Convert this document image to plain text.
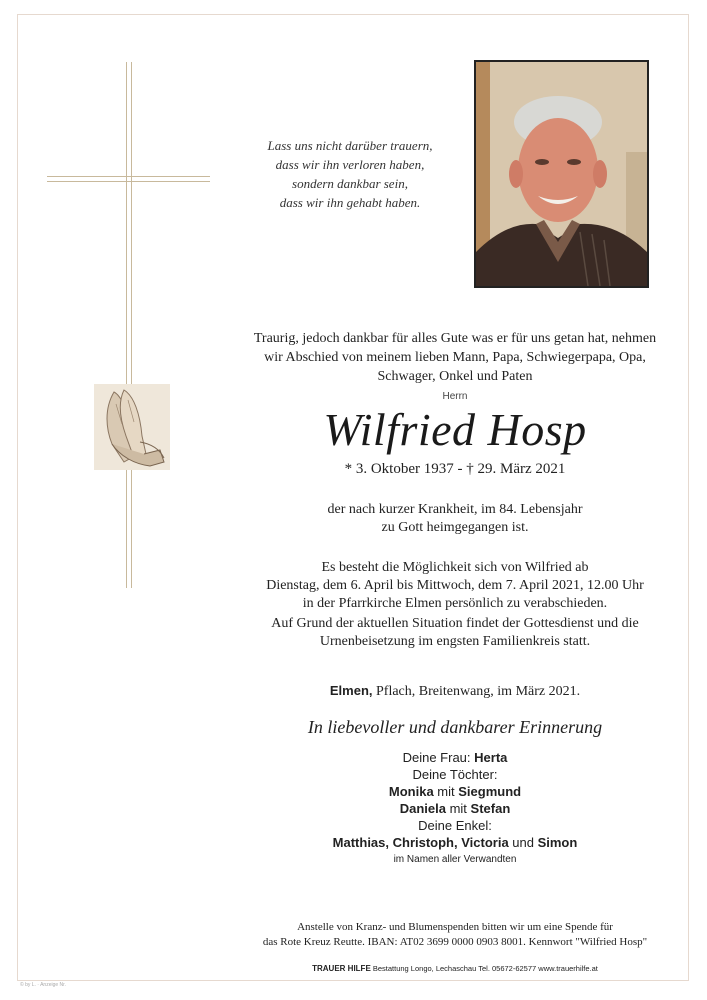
Lass uns nicht darüber trauern,
dass wir ihn verloren haben,
sondern dankbar sein,
dass wir ihn gehabt haben.
Traurig, jedoch dankbar für alles Gute was er für uns getan hat, nehmen
wir Abschied von meinem lieben Mann, Papa, Schwiegerpapa, Opa,
Schwager, Onkel und Paten
Herrn
Wilfried Hosp
* 3. Oktober 1937 - † 29. März 2021
der nach kurzer Krankheit, im 84. Lebensjahr
zu Gott heimgegangen ist.
Es besteht die Möglichkeit sich von Wilfried ab
Dienstag, dem 6. April bis Mittwoch, dem 7. April 2021, 12.00 Uhr
in der Pfarrkirche Elmen persönlich zu verabschieden.
Auf Grund der aktuellen Situation findet der Gottesdienst und die
Urnenbeisetzung im engsten Familienkreis statt.
Elmen, Pflach, Breitenwang, im März 2021.
In liebevoller und dankbarer Erinnerung
Deine Frau: Herta
Deine Töchter:
Monika mit Siegmund
Daniela mit Stefan
Deine Enkel:
Matthias, Christoph, Victoria und Simon
im Namen aller Verwandten
Anstelle von Kranz- und Blumenspenden bitten wir um eine Spende für
das Rote Kreuz Reutte. IBAN: AT02 3699 0000 0903 8001. Kennwort "Wilfried Hosp"
TRAUER HILFE Bestattung Longo, Lechaschau Tel. 05672-62577 www.trauerhilfe.at
© by L. · Anzeige Nr.
